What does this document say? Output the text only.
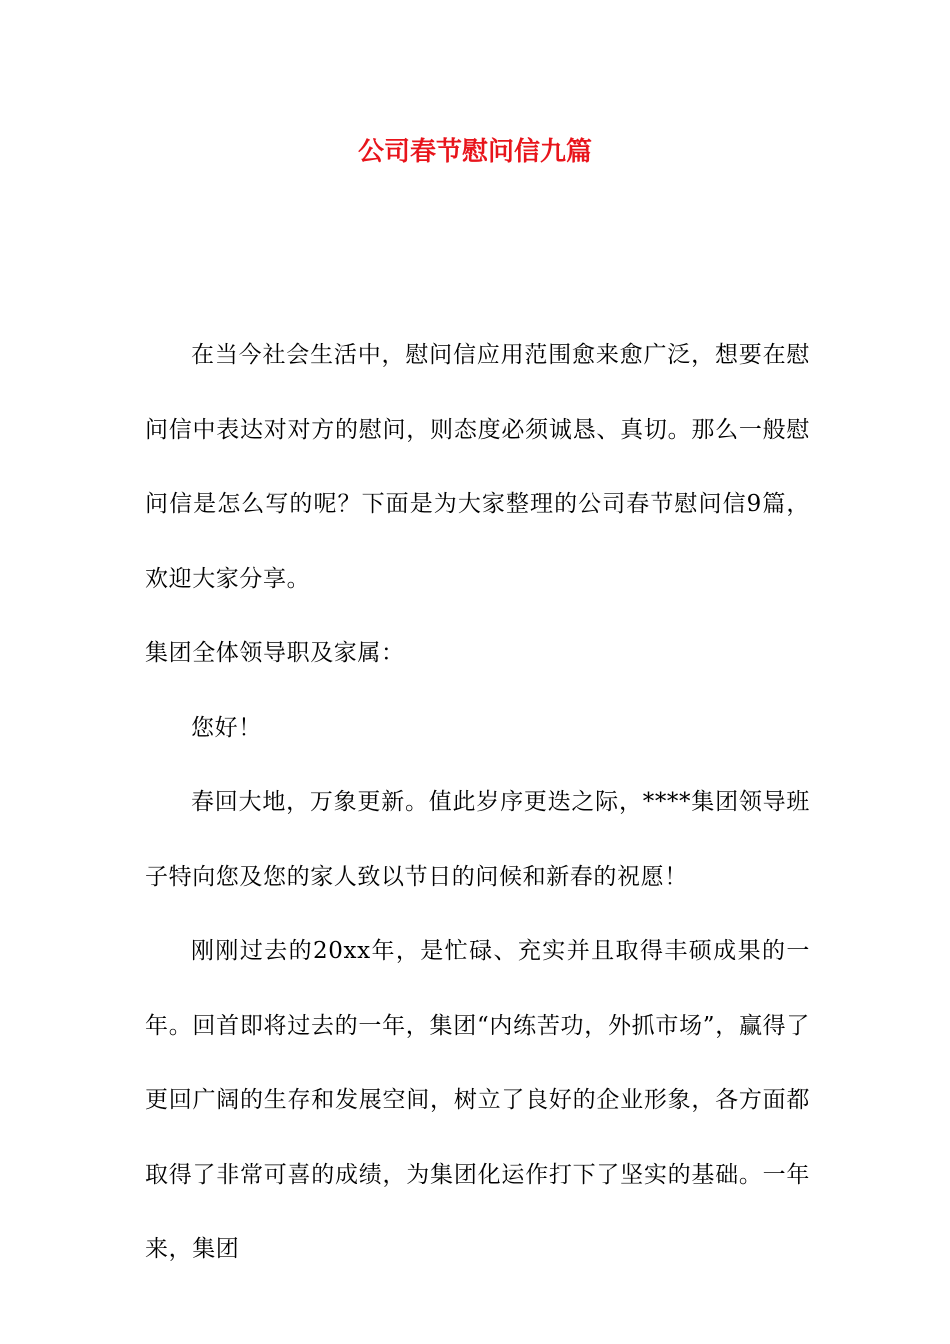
公司春节慰问信九篇

在当今社会生活中，慰问信应用范围愈来愈广泛，想要在慰问信中表达对对方的慰问，则态度必须诚恳、真切。那么一般慰问信是怎么写的呢？下面是为大家整理的公司春节慰问信9篇，欢迎大家分享。

集团全体领导职及家属：

您好！

春回大地，万象更新。值此岁序更迭之际，****集团领导班子特向您及您的家人致以节日的问候和新春的祝愿！

刚刚过去的20xx年，是忙碌、充实并且取得丰硕成果的一年。回首即将过去的一年，集团“内练苦功，外抓市场”，赢得了更回广阔的生存和发展空间，树立了良好的企业形象，各方面都取得了非常可喜的成绩，为集团化运作打下了坚实的基础。一年来，集团
